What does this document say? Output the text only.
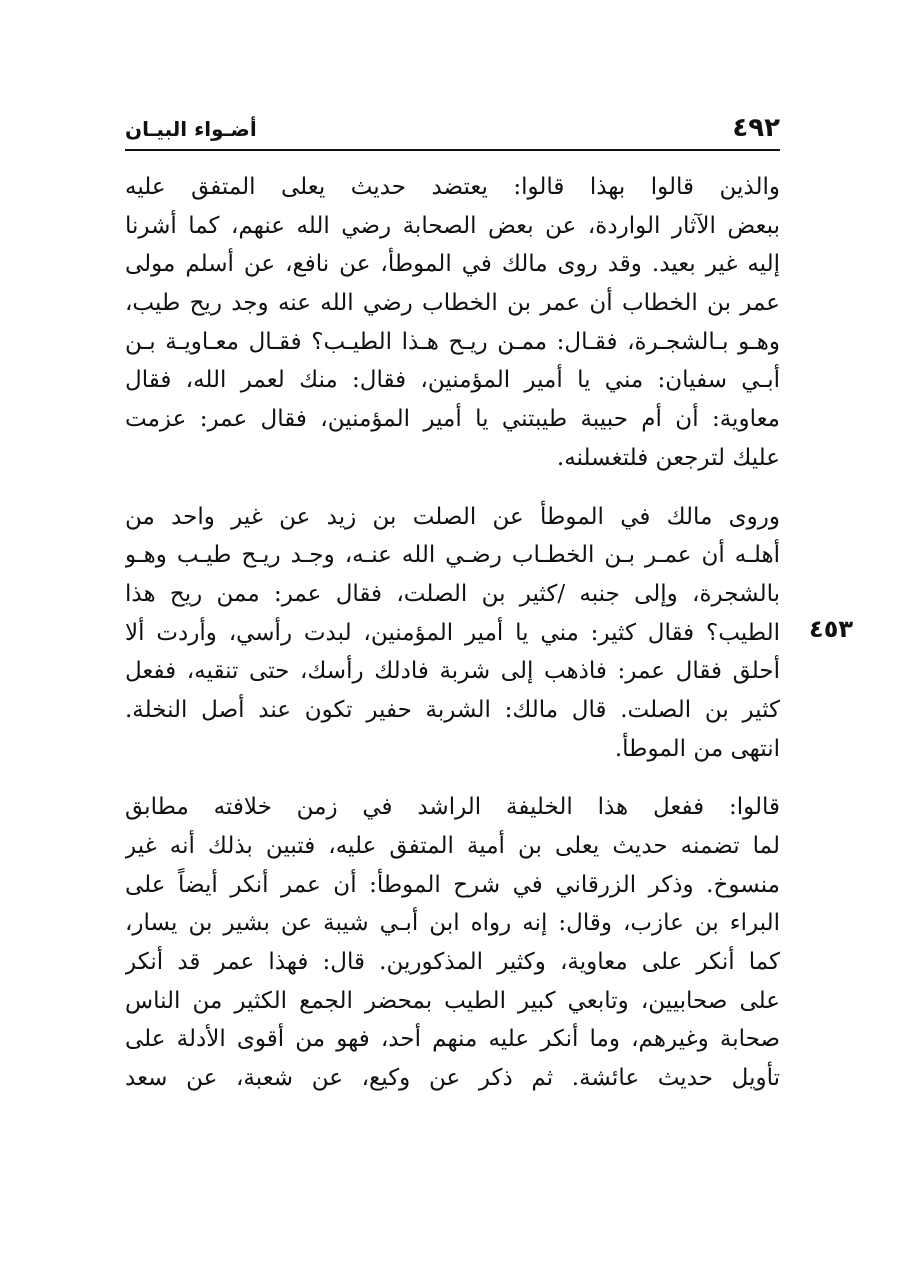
٤٩٢
أضـواء البيـان
٤٥٣
والذين قالوا بهذا قالوا: يعتضد حديث يعلى المتفق عليه
ببعض الآثار الواردة، عن بعض الصحابة رضي الله عنهم، كما أشرنا
إليه غير بعيد. وقد روى مالك في الموطأ، عن نافع، عن أسلم مولى
عمر بن الخطاب أن عمر بن الخطاب رضي الله عنه وجد ريح طيب،
وهـو بـالشجـرة، فقـال: ممـن ريـح هـذا الطيـب؟ فقـال معـاويـة بـن
أبـي سفيان: مني يا أمير المؤمنين، فقال: منك لعمر الله، فقال
معاوية: أن أم حبيبة طيبتني يا أمير المؤمنين، فقال عمر: عزمت
عليك لترجعن فلتغسلنه.
وروى مالك في الموطأ عن الصلت بن زيد عن غير واحد من
أهلـه أن عمـر بـن الخطـاب رضـي الله عنـه، وجـد ريـح طيـب وهـو
بالشجرة، وإلى جنبه /كثير بن الصلت، فقال عمر: ممن ريح هذا
الطيب؟ فقال كثير: مني يا أمير المؤمنين، لبدت رأسي، وأردت ألا
أحلق فقال عمر: فاذهب إلى شربة فادلك رأسك، حتى تنقيه، ففعل
كثير بن الصلت. قال مالك: الشربة حفير تكون عند أصل النخلة.
انتهى من الموطأ.
قالوا: ففعل هذا الخليفة الراشد في زمن خلافته مطابق
لما تضمنه حديث يعلى بن أمية المتفق عليه، فتبين بذلك أنه غير
منسوخ. وذكر الزرقاني في شرح الموطأ: أن عمر أنكر أيضاً على
البراء بن عازب، وقال: إنه رواه ابن أبـي شيبة عن بشير بن يسار،
كما أنكر على معاوية، وكثير المذكورين. قال: فهذا عمر قد أنكر
على صحابيين، وتابعي كبير الطيب بمحضر الجمع الكثير من الناس
صحابة وغيرهم، وما أنكر عليه منهم أحد، فهو من أقوى الأدلة على
تأويل حديث عائشة. ثم ذكر عن وكيع، عن شعبة، عن سعد
